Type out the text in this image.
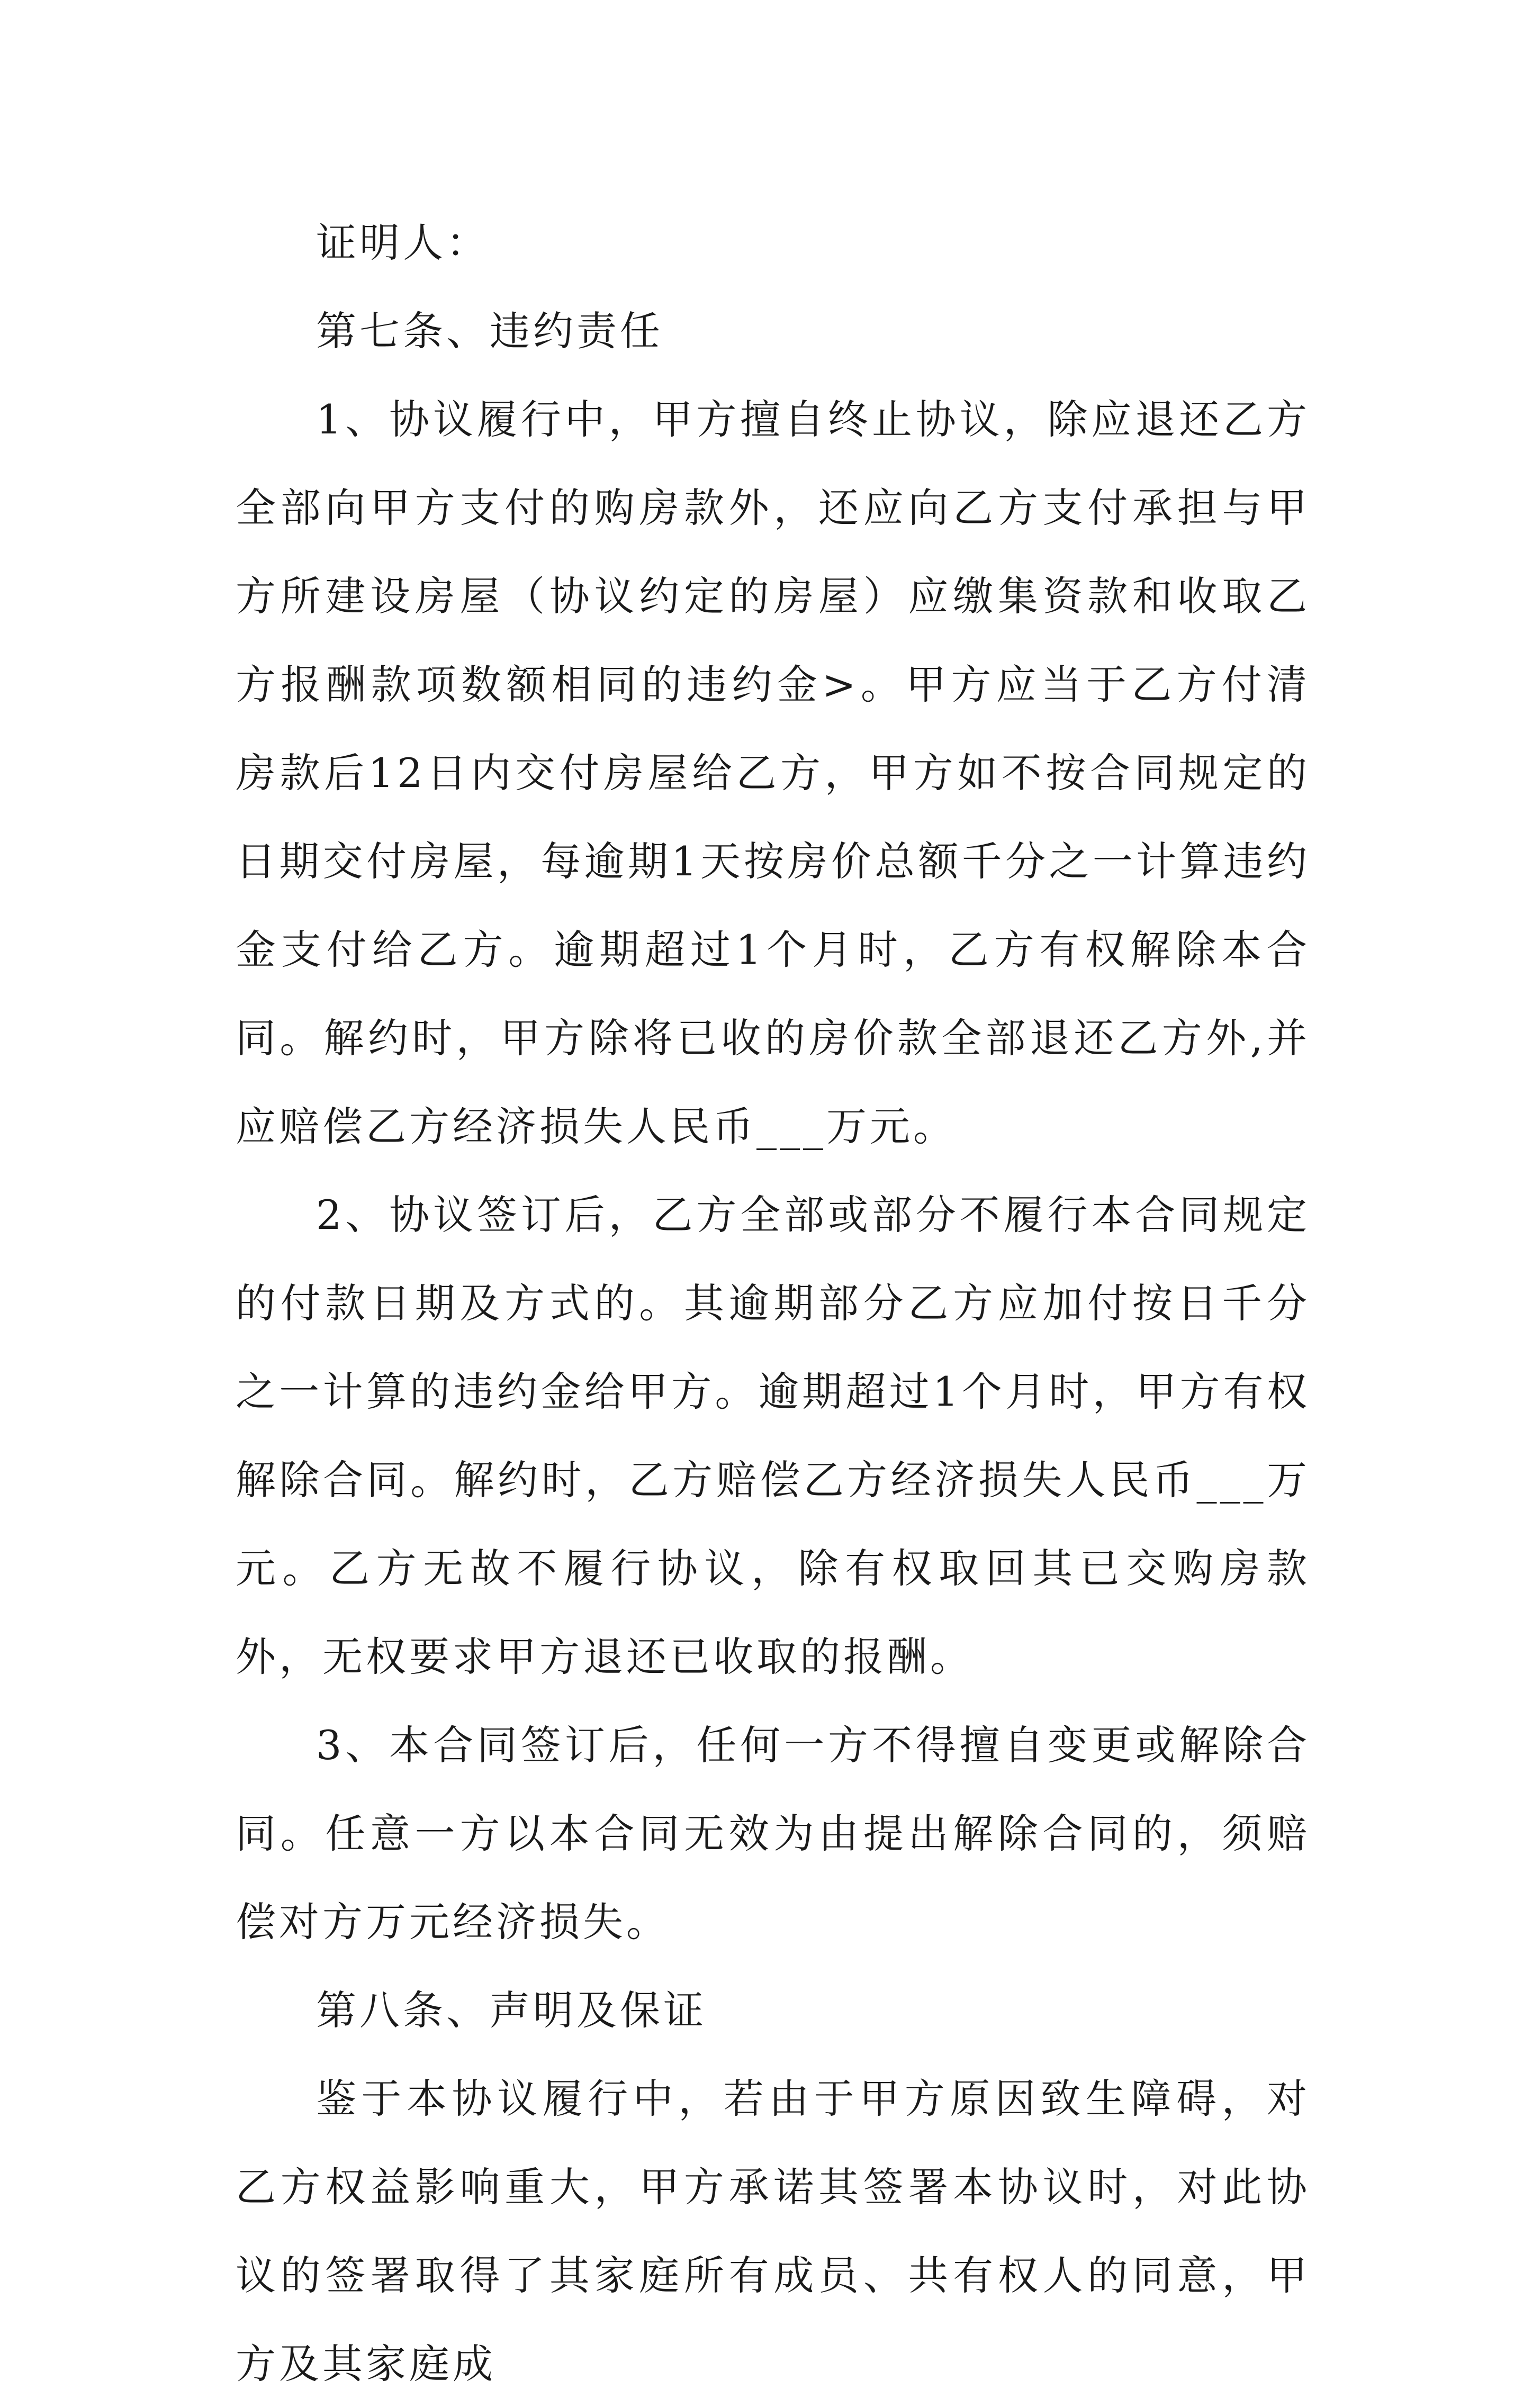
证明人：

第七条、违约责任

1、协议履行中，甲方擅自终止协议，除应退还乙方全部向甲方支付的购房款外，还应向乙方支付承担与甲方所建设房屋（协议约定的房屋）应缴集资款和收取乙方报酬款项数额相同的违约金>。甲方应当于乙方付清房款后12日内交付房屋给乙方，甲方如不按合同规定的日期交付房屋，每逾期1天按房价总额千分之一计算违约金支付给乙方。逾期超过1个月时，乙方有权解除本合同。解约时，甲方除将已收的房价款全部退还乙方外,并应赔偿乙方经济损失人民币___万元。

2、协议签订后，乙方全部或部分不履行本合同规定的付款日期及方式的。其逾期部分乙方应加付按日千分之一计算的违约金给甲方。逾期超过1个月时，甲方有权解除合同。解约时，乙方赔偿乙方经济损失人民币___万元。乙方无故不履行协议，除有权取回其已交购房款外，无权要求甲方退还已收取的报酬。

3、本合同签订后，任何一方不得擅自变更或解除合同。任意一方以本合同无效为由提出解除合同的，须赔偿对方万元经济损失。

第八条、声明及保证

鉴于本协议履行中，若由于甲方原因致生障碍，对乙方权益影响重大，甲方承诺其签署本协议时，对此协议的签署取得了其家庭所有成员、共有权人的同意，甲方及其家庭成
